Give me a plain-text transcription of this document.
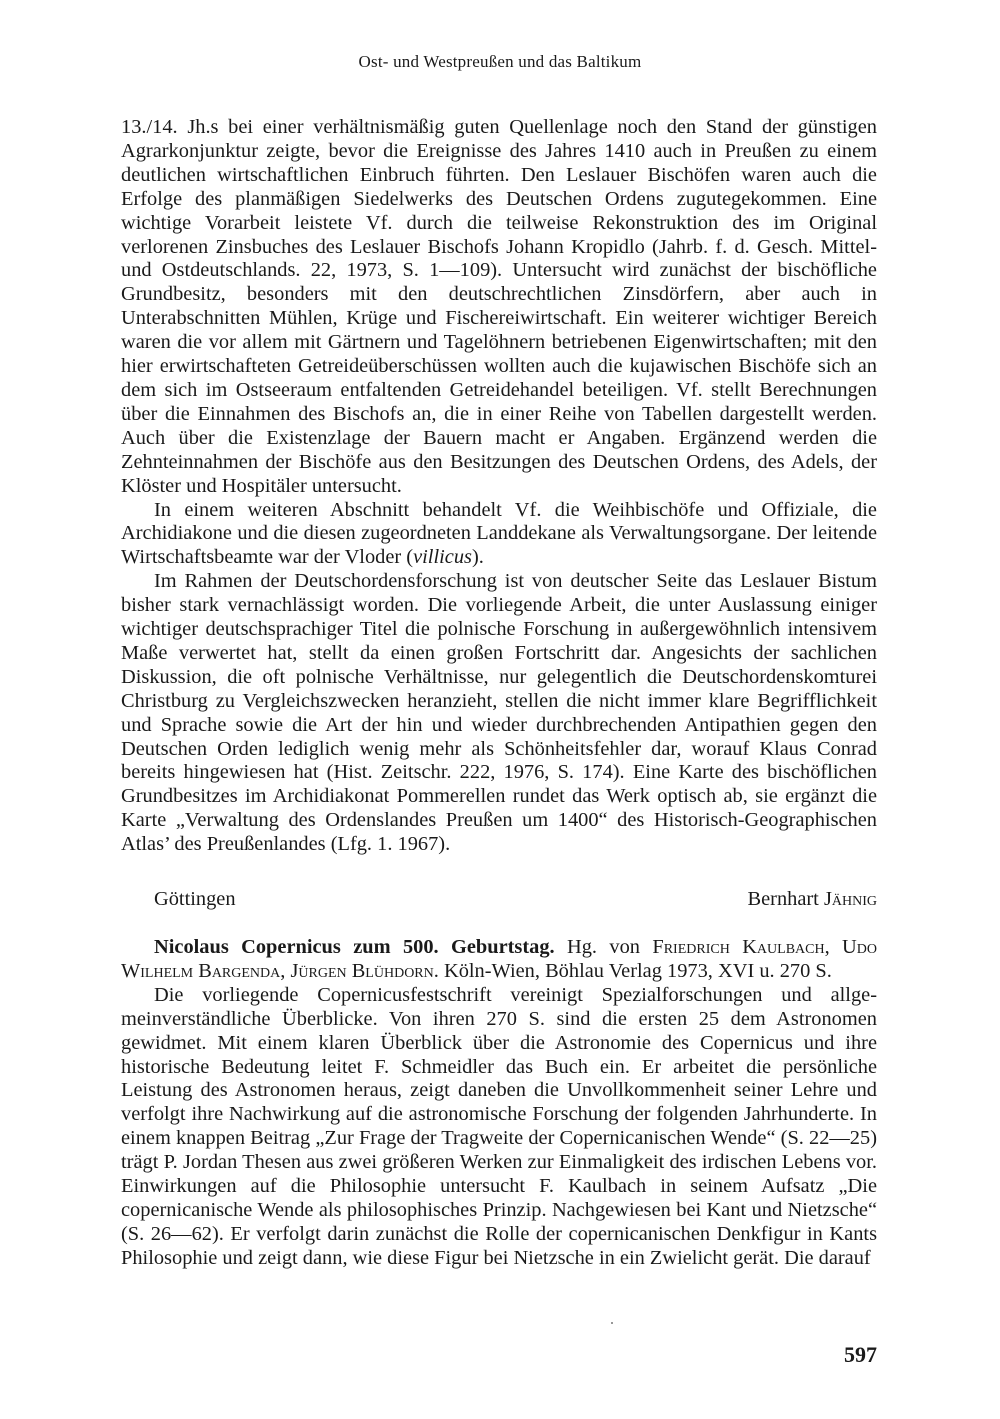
Ost- und Westpreußen und das Baltikum

13./14. Jh.s bei einer verhältnismäßig guten Quellenlage noch den Stand der günstigen Agrarkonjunktur zeigte, bevor die Ereignisse des Jahres 1410 auch in Preußen zu einem deutlichen wirtschaftlichen Einbruch führten. Den Leslauer Bischöfen waren auch die Erfolge des planmäßigen Siedelwerks des Deutschen Ordens zugutegekommen. Eine wichtige Vorarbeit leistete Vf. durch die teilweise Rekonstruktion des im Original verlorenen Zinsbuches des Leslauer Bischofs Johann Kropidlo (Jahrb. f. d. Gesch. Mittel- und Ostdeutschlands. 22, 1973, S. 1—109). Untersucht wird zunächst der bischöfliche Grundbesitz, besonders mit den deutschrechtlichen Zinsdörfern, aber auch in Unterabschnitten Mühlen, Krüge und Fischereiwirtschaft. Ein weiterer wichtiger Bereich waren die vor allem mit Gärtnern und Tagelöhnern betriebenen Eigenwirtschaften; mit den hier erwirtschafteten Getreideüberschüssen wollten auch die kujawischen Bischöfe sich an dem sich im Ostseeraum entfaltenden Getreidehandel beteiligen. Vf. stellt Berechnungen über die Einnahmen des Bischofs an, die in einer Reihe von Tabellen dargestellt werden. Auch über die Existenzlage der Bauern macht er Angaben. Ergänzend werden die Zehnteinnahmen der Bischöfe aus den Besitzungen des Deutschen Ordens, des Adels, der Klöster und Hospitäler untersucht.

In einem weiteren Abschnitt behandelt Vf. die Weihbischöfe und Offiziale, die Archidiakone und die diesen zugeordneten Landdekane als Verwaltungsorgane. Der leitende Wirtschaftsbeamte war der Vloder (villicus).

Im Rahmen der Deutschordensforschung ist von deutscher Seite das Leslauer Bistum bisher stark vernachlässigt worden. Die vorliegende Arbeit, die unter Auslassung einiger wichtiger deutschsprachiger Titel die polnische Forschung in außergewöhnlich intensivem Maße verwertet hat, stellt da einen großen Fortschritt dar. Angesichts der sachlichen Diskussion, die oft polnische Verhältnisse, nur gelegentlich die Deutschordenskomturei Christburg zu Vergleichszwecken heranzieht, stellen die nicht immer klare Begrifflichkeit und Sprache sowie die Art der hin und wieder durchbrechenden Antipathien gegen den Deutschen Orden lediglich wenig mehr als Schönheitsfehler dar, worauf Klaus Conrad bereits hingewiesen hat (Hist. Zeitschr. 222, 1976, S. 174). Eine Karte des bischöflichen Grundbesitzes im Archidiakonat Pommerellen rundet das Werk optisch ab, sie ergänzt die Karte „Verwaltung des Ordenslandes Preußen um 1400“ des Historisch-Geographischen Atlas’ des Preußenlandes (Lfg. 1. 1967).

Göttingen	Bernhart Jähnig

Nicolaus Copernicus zum 500. Geburtstag. Hg. von Friedrich Kaulbach, Udo Wilhelm Bargenda, Jürgen Blühdorn. Köln-Wien, Böhlau Verlag 1973, XVI u. 270 S.

Die vorliegende Copernicusfestschrift vereinigt Spezialforschungen und allgemeinverständliche Überblicke. Von ihren 270 S. sind die ersten 25 dem Astronomen gewidmet. Mit einem klaren Überblick über die Astronomie des Copernicus und ihre historische Bedeutung leitet F. Schmeidler das Buch ein. Er arbeitet die persönliche Leistung des Astronomen heraus, zeigt daneben die Unvollkommenheit seiner Lehre und verfolgt ihre Nachwirkung auf die astronomische Forschung der folgenden Jahrhunderte. In einem knappen Beitrag „Zur Frage der Tragweite der Copernicanischen Wende“ (S. 22—25) trägt P. Jordan Thesen aus zwei größeren Werken zur Einmaligkeit des irdischen Lebens vor. Einwirkungen auf die Philosophie untersucht F. Kaulbach in seinem Aufsatz „Die copernicanische Wende als philosophisches Prinzip. Nachgewiesen bei Kant und Nietzsche“ (S. 26—62). Er verfolgt darin zunächst die Rolle der copernicanischen Denkfigur in Kants Philosophie und zeigt dann, wie diese Figur bei Nietzsche in ein Zwielicht gerät. Die darauf

597
